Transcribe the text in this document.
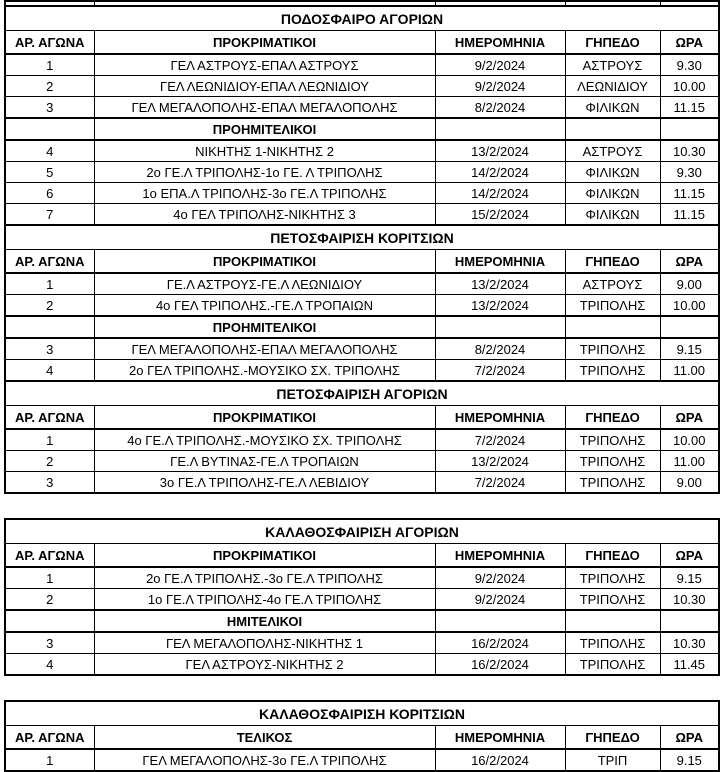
ΠΟΔΟΣΦΑΙΡΟ ΑΓΟΡΙΩΝ				
ΑΡ. ΑΓΩΝΑ	ΠΡΟΚΡΙΜΑΤΙΚΟΙ	ΗΜΕΡΟΜΗΝΙΑ	ΓΗΠΕΔΟ	ΩΡΑ
1	ΓΕΛ ΑΣΤΡΟΥΣ-ΕΠΑΛ ΑΣΤΡΟΥΣ	9/2/2024	ΑΣΤΡΟΥΣ	9.30
2	ΓΕΛ ΛΕΩΝΙΔΙΟΥ-ΕΠΑΛ ΛΕΩΝΙΔΙΟΥ	9/2/2024	ΛΕΩΝΙΔΙΟΥ	10.00
3	ΓΕΛ ΜΕΓΑΛΟΠΟΛΗΣ-ΕΠΑΛ ΜΕΓΑΛΟΠΟΛΗΣ	8/2/2024	ΦΙΛΙΚΩΝ	11.15
	ΠΡΟΗΜΙΤΕΛΙΚΟΙ			
4	ΝΙΚΗΤΗΣ 1-ΝΙΚΗΤΗΣ 2	13/2/2024	ΑΣΤΡΟΥΣ	10.30
5	2ο ΓΕ.Λ ΤΡΙΠΟΛΗΣ-1ο ΓΕ. Λ ΤΡΙΠΟΛΗΣ	14/2/2024	ΦΙΛΙΚΩΝ	9.30
6	1ο ΕΠΑ.Λ ΤΡΙΠΟΛΗΣ-3ο ΓΕ.Λ ΤΡΙΠΟΛΗΣ	14/2/2024	ΦΙΛΙΚΩΝ	11.15
7	4ο ΓΕΛ ΤΡΙΠΟΛΗΣ-ΝΙΚΗΤΗΣ 3	15/2/2024	ΦΙΛΙΚΩΝ	11.15
ΠΕΤΟΣΦΑΙΡΙΣΗ ΚΟΡΙΤΣΙΩΝ				
ΑΡ. ΑΓΩΝΑ	ΠΡΟΚΡΙΜΑΤΙΚΟΙ	ΗΜΕΡΟΜΗΝΙΑ	ΓΗΠΕΔΟ	ΩΡΑ
1	ΓΕ.Λ ΑΣΤΡΟΥΣ-ΓΕ.Λ ΛΕΩΝΙΔΙΟΥ	13/2/2024	ΑΣΤΡΟΥΣ	9.00
2	4ο ΓΕΛ ΤΡΙΠΟΛΗΣ.-ΓΕ.Λ ΤΡΟΠΑΙΩΝ	13/2/2024	ΤΡΙΠΟΛΗΣ	10.00
	ΠΡΟΗΜΙΤΕΛΙΚΟΙ			
3	ΓΕΛ ΜΕΓΑΛΟΠΟΛΗΣ-ΕΠΑΛ ΜΕΓΑΛΟΠΟΛΗΣ	8/2/2024	ΤΡΙΠΟΛΗΣ	9.15
4	2ο ΓΕΛ ΤΡΙΠΟΛΗΣ.-ΜΟΥΣΙΚΟ ΣΧ. ΤΡΙΠΟΛΗΣ	7/2/2024	ΤΡΙΠΟΛΗΣ	11.00
ΠΕΤΟΣΦΑΙΡΙΣΗ ΑΓΟΡΙΩΝ				
ΑΡ. ΑΓΩΝΑ	ΠΡΟΚΡΙΜΑΤΙΚΟΙ	ΗΜΕΡΟΜΗΝΙΑ	ΓΗΠΕΔΟ	ΩΡΑ
1	4ο ΓΕ.Λ ΤΡΙΠΟΛΗΣ.-ΜΟΥΣΙΚΟ ΣΧ. ΤΡΙΠΟΛΗΣ	7/2/2024	ΤΡΙΠΟΛΗΣ	10.00
2	ΓΕ.Λ ΒΥΤΙΝΑΣ-ΓΕ.Λ ΤΡΟΠΑΙΩΝ	13/2/2024	ΤΡΙΠΟΛΗΣ	11.00
3	3ο ΓΕ.Λ ΤΡΙΠΟΛΗΣ-ΓΕ.Λ ΛΕΒΙΔΙΟΥ	7/2/2024	ΤΡΙΠΟΛΗΣ	9.00
ΚΑΛΑΘΟΣΦΑΙΡΙΣΗ ΑΓΟΡΙΩΝ				
ΑΡ. ΑΓΩΝΑ	ΠΡΟΚΡΙΜΑΤΙΚΟΙ	ΗΜΕΡΟΜΗΝΙΑ	ΓΗΠΕΔΟ	ΩΡΑ
1	2ο ΓΕ.Λ ΤΡΙΠΟΛΗΣ.-3ο ΓΕ.Λ ΤΡΙΠΟΛΗΣ	9/2/2024	ΤΡΙΠΟΛΗΣ	9.15
2	1ο ΓΕ.Λ ΤΡΙΠΟΛΗΣ-4ο ΓΕ.Λ ΤΡΙΠΟΛΗΣ	9/2/2024	ΤΡΙΠΟΛΗΣ	10.30
	ΗΜΙΤΕΛΙΚΟΙ			
3	ΓΕΛ ΜΕΓΑΛΟΠΟΛΗΣ-ΝΙΚΗΤΗΣ 1	16/2/2024	ΤΡΙΠΟΛΗΣ	10.30
4	ΓΕΛ ΑΣΤΡΟΥΣ-ΝΙΚΗΤΗΣ 2	16/2/2024	ΤΡΙΠΟΛΗΣ	11.45
ΚΑΛΑΘΟΣΦΑΙΡΙΣΗ ΚΟΡΙΤΣΙΩΝ				
ΑΡ. ΑΓΩΝΑ	ΤΕΛΙΚΟΣ	ΗΜΕΡΟΜΗΝΙΑ	ΓΗΠΕΔΟ	ΩΡΑ
1	ΓΕΛ ΜΕΓΑΛΟΠΟΛΗΣ-3ο ΓΕ.Λ ΤΡΙΠΟΛΗΣ	16/2/2024	ΤΡΙΠ	9.15
